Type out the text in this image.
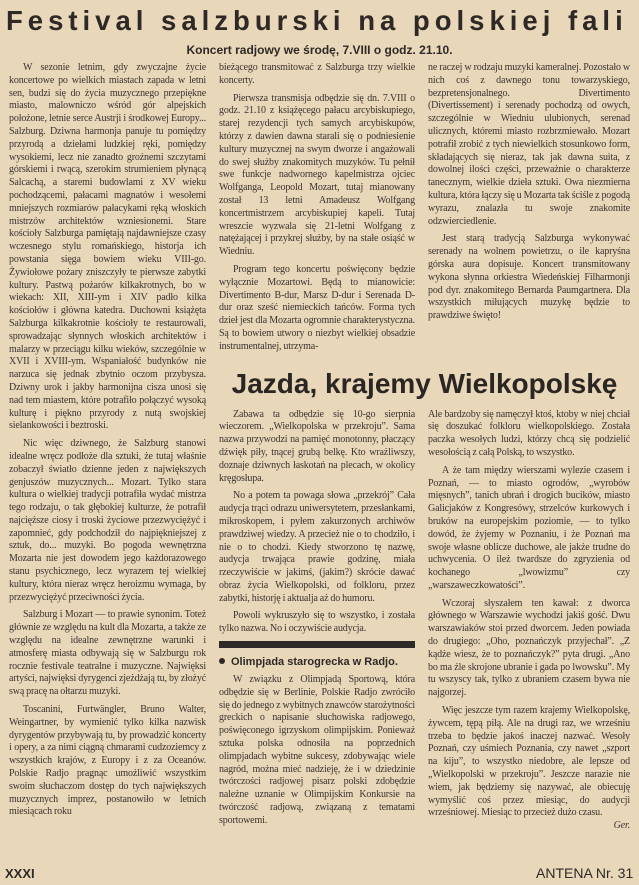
Festival salzburski na polskiej fali
Koncert radjowy we środę, 7.VIII o godz. 21.10.

W sezonie letnim, gdy zwyczajne życie koncertowe po wielkich miastach zapada w letni sen, budzi się do życia muzycznego przepiękne miasto, malowniczo wśród gór alpejskich położone, letnie serce Austrji i środkowej Europy... Salzburg. Dziwna harmonja panuje tu pomiędzy przyrodą a dziełami ludzkiej ręki, pomiędzy wysokiemi, lecz nie zanadto groźnemi szczytami górskiemi i rwącą, szerokim strumieniem płynącą Salcachą, a staremi budowlami z XV wieku pochodzącemi, pałacami magnatów i wesołemi mniejszych rozmiarów pałacykami ręką włoskich mistrzów architektów wzniesionemi. Stare kościoły Salzburga pamiętają najdawniejsze czasy wczesnego stylu romańskiego, historja ich powstania sięga bowiem wieku VIII-go. Żywiołowe pożary zniszczyły te pierwsze zabytki kultury. Pastwą pożarów kilkakrotnych, bo w wiekach: XII, XIII-ym i XIV padło kilka kościołów i główna katedra. Duchowni książęta Salzburga kilkakrotnie kościoły te restaurowali, sprowadzając słynnych włoskich architektów i malarzy w przeciągu kilku wieków, szczególnie w XVII i XVIII-ym. Wspaniałość budynków nie narzuca się jednak zbytnio oczom przybysza. Dziwny urok i jakby harmonijna cisza unosi się nad tem miastem, które potrafiło połączyć wysoką kulturę i piękno przyrody z nutą swojskiej sielankowości i beztroski.

Nic więc dziwnego, że Salzburg stanowi idealne wręcz podłoże dla sztuki, że tutaj właśnie zobaczył światło dzienne jeden z największych genjuszów muzycznych... Mozart. Tylko stara kultura o wielkiej tradycji potrafiła wydać mistrza tego rodzaju, o tak głębokiej kulturze, że potrafił najcięższe ciosy i troski życiowe przezwyciężyć i zapomnieć, gdy podchodził do najpiękniejszej z sztuk, do... muzyki. Bo pogoda wewnętrzna Mozarta nie jest dowodem jego każdorazowego stanu psychicznego, lecz wyrazem tej wielkiej kultury, która nieraz wręcz heroizmu wymaga, by przezwyciężyć przeciwności życia.

Salzburg i Mozart — to prawie synonim. Toteż głównie ze względu na kult dla Mozarta, a także ze względu na idealne zewnętrzne warunki i atmosferę miasta odbywają się w Salzburgu rok rocznie festivale teatralne i muzyczne. Najwięksi artyści, najwięksi dyrygenci zjeżdżają tu, by złożyć swą pracę na ołtarzu muzyki.

Toscanini, Furtwängler, Bruno Walter, Weingartner, by wymienić tylko kilka nazwisk dyrygentów przybywają tu, by prowadzić koncerty i opery, a za nimi ciągną chmarami cudzoziemcy z wszystkich krajów, z Europy i z za Oceanów. Polskie Radjo pragnąc umożliwić wszystkim swoim słuchaczom dostęp do tych największych muzycznych imprez, postanowiło w letnich miesiącach roku

bieżącego transmitować z Salzburga trzy wielkie koncerty.

Pierwsza transmisja odbędzie się dn. 7.VIII o godz. 21.10 z książęcego pałacu arcybiskupiego, starej rezydencji tych samych arcybiskupów, którzy z dawien dawna starali się o podniesienie kultury muzycznej na swym dworze i angażowali do swej służby znakomitych muzyków. Tu pełnił swe funkcje nadwornego kapelmistrza ojciec Wolfganga, Leopold Mozart, tutaj mianowany został 13 letni Amadeusz Wolfgang koncertmistrzem arcybiskupiej kapeli. Tutaj wreszcie wyzwala się 21-letni Wolfgang z natężającej i przykrej służby, by na stałe osiąść w Wiedniu.

Program tego koncertu poświęcony będzie wyłącznie Mozartowi. Będą to mianowicie: Divertimento B-dur, Marsz D-dur i Serenada D-dur oraz sześć niemieckich tańców. Forma tych dzieł jest dla Mozarta ogromnie charakterystyczna. Są to bowiem utwory o niezbyt wielkiej obsadzie instrumentalnej, utrzyma-

ne raczej w rodzaju muzyki kameralnej. Pozostało w nich coś z dawnego tonu towarzyskiego, bezpretensjonalnego. Divertimento (Divertissement) i serenady pochodzą od owych, szczególnie w Wiedniu ulubionych, serenad ulicznych, któremi miasto rozbrzmiewało. Mozart potrafił zrobić z tych niewielkich stosunkowo form, składających się nieraz, tak jak dawna suita, z dowolnej ilości części, przeważnie o charakterze tanecznym, wielkie dzieła sztuki. Owa niezmierna kultura, która łączy się u Mozarta tak ściśle z pogodą wyrazu, znalazła tu swoje znakomite odzwierciedlenie.

Jest starą tradycją Salzburga wykonywać serenady na wolnem powietrzu, o ile kapryśna górska aura dopisuje. Koncert transmitowany wykona słynna orkiestra Wiedeńskiej Filharmonji pod dyr. znakomitego Bernarda Paumgartnera. Dla wszystkich miłujących muzykę będzie to prawdziwe święto!

Jazda, krajemy Wielkopolskę

Zabawa ta odbędzie się 10-go sierpnia wieczorem. „Wielkopolska w przekroju”. Sama nazwa przywodzi na pamięć monotonny, płaczący dźwięk piły, tnącej grubą belkę. Kto wrażliwszy, doznaje dziwnych łaskotań na plecach, w okolicy kręgosłupa.

No a potem ta powaga słowa „przekrój” Cała audycja trąci odrazu uniwersytetem, przesłankami, mikroskopem, i pyłem zakurzonych archiwów prawdziwej wiedzy. A przecież nie o to chodziło, i nie o to chodzi. Kiedy stworzono tę nazwę, audycja trwająca prawie godzinę, miała rzeczywiście w jakimś, (jakim?) skrócie dawać obraz życia Wielkopolski, od folkloru, przez zabytki, historję i aktualja aż do humoru.

Powoli wykruszyło się to wszystko, i została tylko nazwa. No i oczywiście audycja.

Olimpjada starogrecka w Radjo.

W związku z Olimpjadą Sportową, która odbędzie się w Berlinie, Polskie Radjo zwróciło się do jednego z wybitnych znawców starożytności greckich o napisanie słuchowiska radjowego, poświęconego igrzyskom olimpijskim. Ponieważ sztuka polska odnosiła na poprzednich olimpjadach wybitne sukcesy, zdobywając wiele nagród, można mieć nadzieję, że i w dziedzinie twórczości radjowej pisarz polski zdobędzie należne uznanie w Olimpijskim Konkursie na twórczość radjową, związaną z tematami sportowemi.

Ale bardzoby się namęczył ktoś, ktoby w niej chciał się doszukać folkloru wielkopolskiego. Została paczka wesołych ludzi, którzy chcą się podzielić wesołością z całą Polską, to wszystko.

A że tam między wierszami wylezie czasem i Poznań, — to miasto ogrodów, „wyrobów mięsnych”, tanich ubrań i drogich bucików, miasto Galicjaków z Kongresówy, strzelców kurkowych i bruków na europejskim poziomie, — to tylko dowód, że żyjemy w Poznaniu, i że Poznań ma swoje własne oblicze duchowe, ale jakże trudne do uchwycenia. O ileż twardsze do zgryzienia od kochanego „lwowizmu” czy „warszaweczkowatości”.

Wczoraj słyszałem ten kawał: z dworca głównego w Warszawie wychodzi jakiś gość. Dwu warszawiaków stoi przed dworcem. Jeden powiada do drugiego: „Oho, poznańczyk przyjechał”. „Z kądże wiesz, że to poznańczyk?” pyta drugi. „Ano bo ma źle skrojone ubranie i gada po lwowsku”. My tu wszyscy tak, tylko z ubraniem czasem bywa nie najgorzej.

Więc jeszcze tym razem krajemy Wielkopolskę, żywcem, tępą piłą. Ale na drugi raz, we wrześniu trzeba to będzie jakoś inaczej nazwać. Wesoły Poznań, czy uśmiech Poznania, czy nawet „szport na kiju”, to wszystko niedobre, ale lepsze od „Wielkopolski w przekroju”. Jeszcze narazie nie wiem, jak będziemy się nazywać, ale obiecuję wymyślić coś przez miesiąc, do audycji wrześniowej. Miesiąc to przecież dużo czasu.
Ger.

XXXI	ANTENA Nr. 31
